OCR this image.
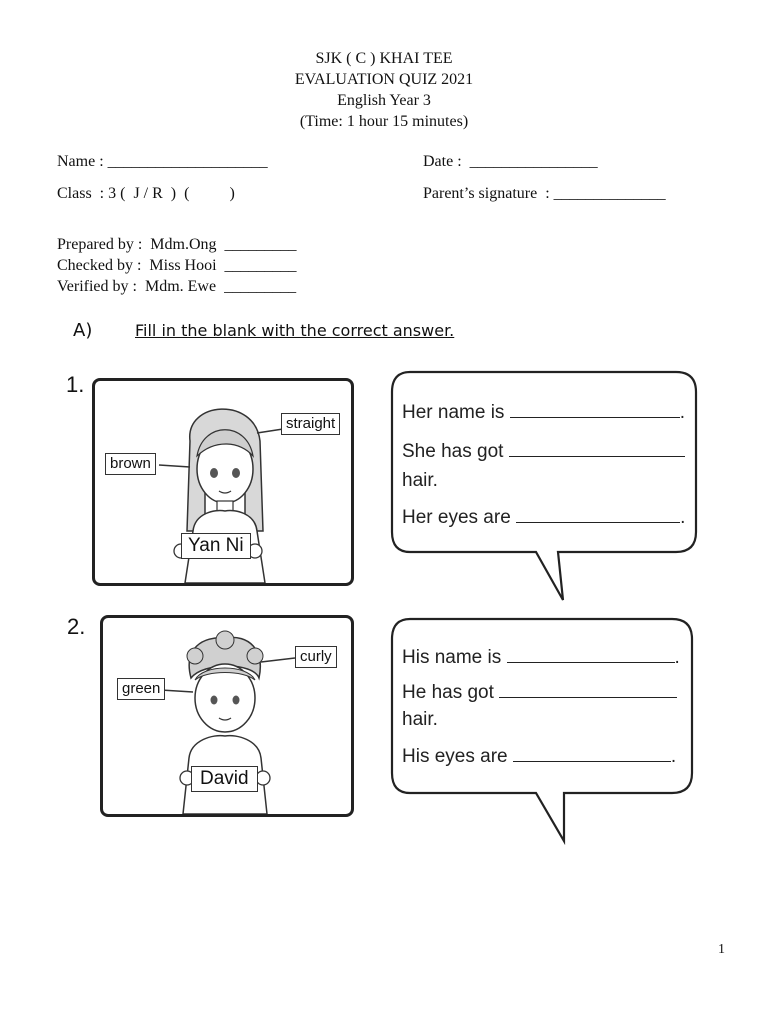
SJK ( C ) KHAI TEE
EVALUATION QUIZ 2021
English Year 3
(Time: 1 hour 15 minutes)
Name : ____________________	Date :  ________________
Class  : 3 (  J / R  )  (          )	Parent’s signature  : ______________
Prepared by :  Mdm.Ong  _________
Checked by :  Miss Hooi  _________
Verified by :  Mdm. Ewe  _________
A)	Fill in the blank with the correct answer.
1.
brown
straight
Yan Ni
Her name is	.
She has got
hair.
Her eyes are	.
2.
green
curly
David
His name is	.
He has got
hair.
His eyes are	.
1
